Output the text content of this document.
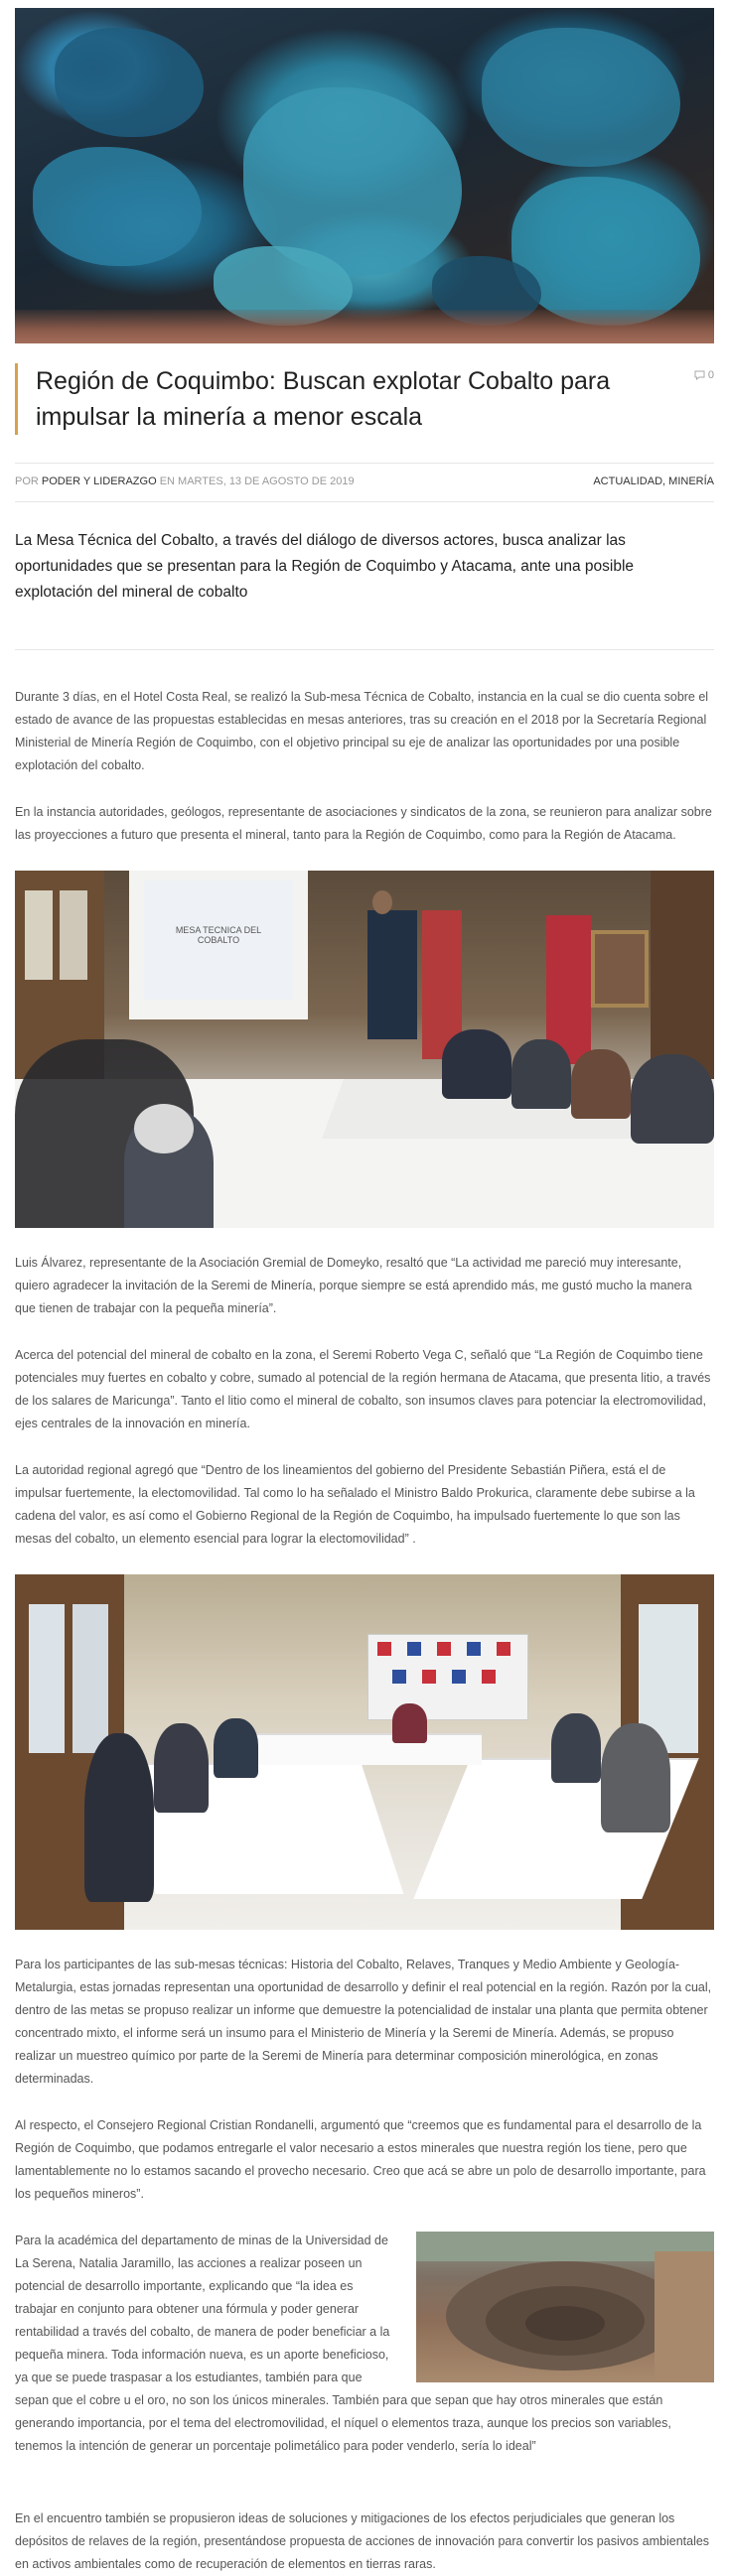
Región de Coquimbo: Buscan explotar Cobalto para impulsar la minería a menor escala
0
POR PODER Y LIDERAZGO EN MARTES, 13 DE AGOSTO DE 2019	ACTUALIDAD, MINERÍA

La Mesa Técnica del Cobalto, a través del diálogo de diversos actores, busca analizar las oportunidades que se presentan para la Región de Coquimbo y Atacama, ante una posible explotación del mineral de cobalto

Durante 3 días, en el Hotel Costa Real, se realizó la Sub-mesa Técnica de Cobalto, instancia en la cual se dio cuenta sobre el estado de avance de las propuestas establecidas en mesas anteriores, tras su creación en el 2018 por la Secretaría Regional Ministerial de Minería Región de Coquimbo, con el objetivo principal su eje de analizar las oportunidades por una posible explotación del cobalto.

En la instancia autoridades, geólogos, representante de asociaciones y sindicatos de la zona, se reunieron para analizar sobre las proyecciones a futuro que presenta el mineral, tanto para la Región de Coquimbo, como para la Región de Atacama.

MESA TECNICA DEL COBALTO

Luis Álvarez, representante de la Asociación Gremial de Domeyko, resaltó que “La actividad me pareció muy interesante, quiero agradecer la invitación de la Seremi de Minería, porque siempre se está aprendido más, me gustó mucho la manera que tienen de trabajar con la pequeña minería”.

Acerca del potencial del mineral de cobalto en la zona, el Seremi Roberto Vega C, señaló que “La Región de Coquimbo tiene potenciales muy fuertes en cobalto y cobre, sumado al potencial de la región hermana de Atacama, que presenta litio, a través de los salares de Maricunga”. Tanto el litio como el mineral de cobalto, son insumos claves para potenciar la electromovilidad, ejes centrales de la innovación en minería.

La autoridad regional agregó que “Dentro de los lineamientos del gobierno del Presidente Sebastián Piñera, está el de impulsar fuertemente, la electomovilidad. Tal como lo ha señalado el Ministro Baldo Prokurica, claramente debe subirse a la cadena del valor, es así como el Gobierno Regional de la Región de Coquimbo, ha impulsado fuertemente lo que son las mesas del cobalto, un elemento esencial para lograr la electomovilidad” .

Para los participantes de las sub-mesas técnicas: Historia del Cobalto, Relaves, Tranques y Medio Ambiente y Geología-Metalurgia, estas jornadas representan una oportunidad de desarrollo y definir el real potencial en la región. Razón por la cual, dentro de las metas se propuso realizar un informe que demuestre la potencialidad de instalar una planta que permita obtener concentrado mixto, el informe será un insumo para el Ministerio de Minería y la Seremi de Minería. Además, se propuso realizar un muestreo químico por parte de la Seremi de Minería para determinar composición minerológica, en zonas determinadas.

Al respecto, el Consejero Regional Cristian Rondanelli, argumentó que “creemos que es fundamental para el desarrollo de la Región de Coquimbo, que podamos entregarle el valor necesario a estos minerales que nuestra región los tiene, pero que lamentablemente no lo estamos sacando el provecho necesario. Creo que acá se abre un polo de desarrollo importante, para los pequeños mineros”.

Para la académica del departamento de minas de la Universidad de La Serena, Natalia Jaramillo, las acciones a realizar poseen un potencial de desarrollo importante, explicando que “la idea es trabajar en conjunto para obtener una fórmula y poder generar rentabilidad a través del cobalto, de manera de poder beneficiar a la pequeña minera. Toda información nueva, es un aporte beneficioso, ya que se puede traspasar a los estudiantes, también para que sepan que el cobre u el oro, no son los únicos minerales. También para que sepan que hay otros minerales que están generando importancia, por el tema del electromovilidad, el níquel o elementos traza, aunque los precios son variables, tenemos la intención de generar un porcentaje polimetálico para poder venderlo, sería lo ideal”

En el encuentro también se propusieron ideas de soluciones y mitigaciones de los efectos perjudiciales que generan los depósitos de relaves de la región, presentándose propuesta de acciones de innovación para convertir los pasivos ambientales en activos ambientales como de recuperación de elementos en tierras raras.
